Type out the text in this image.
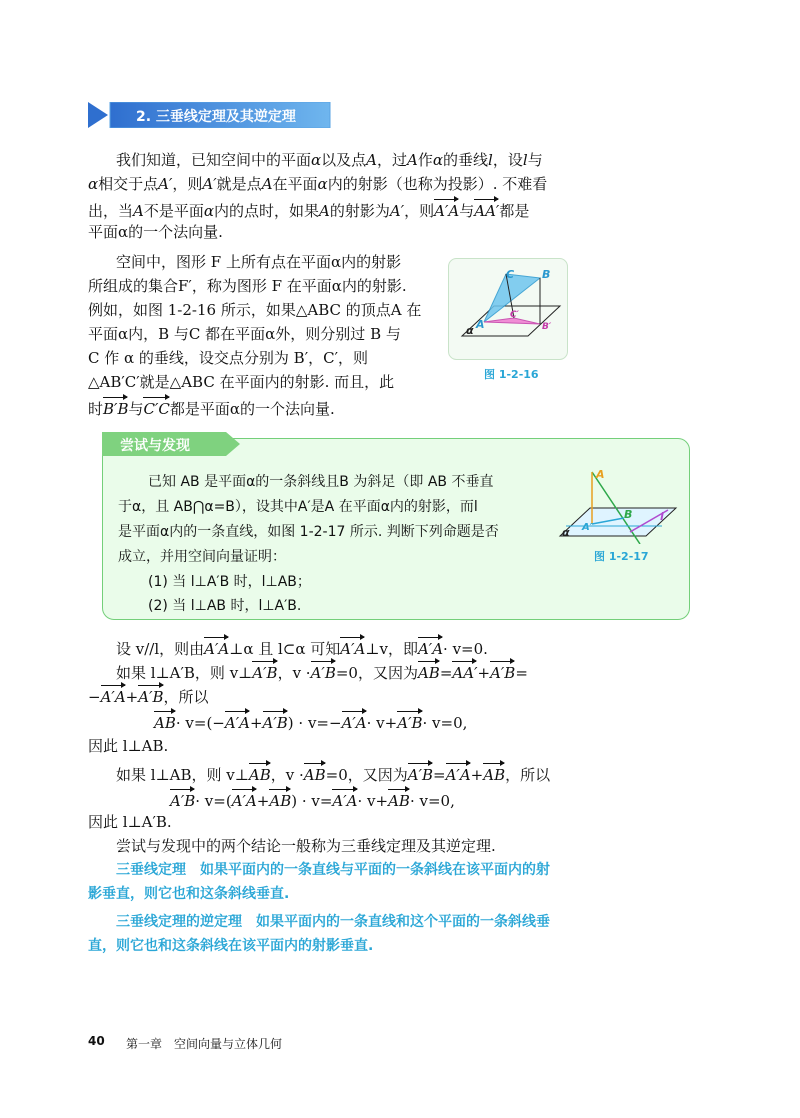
2. 三垂线定理及其逆定理
我们知道，已知空间中的平面α以及点A，过A作α的垂线l，设l与
α相交于点A′，则A′就是点A在平面α内的射影（也称为投影）. 不难看
出，当A不是平面α内的点时，如果A的射影为A′，则A′A与AA′都是
平面α的一个法向量.
空间中，图形 F 上所有点在平面α内的射影
所组成的集合F′，称为图形 F 在平面α内的射影.
例如，如图 1-2-16 所示，如果△ABC 的顶点A 在
平面α内，B 与C 都在平面α外，则分别过 B 与
C 作 α 的垂线，设交点分别为 B′，C′，则
△AB′C′就是△ABC 在平面内的射影. 而且，此
时B′B与C′C都是平面α的一个法向量.
C	B
A
C′
B′
α
图 1-2-16
尝试与发现
已知 AB 是平面α的一条斜线且B 为斜足（即 AB 不垂直
于α，且 AB⋂α=B），设其中A′是A 在平面α内的射影，而l
是平面α内的一条直线，如图 1-2-17 所示. 判断下列命题是否
成立，并用空间向量证明：
(1) 当 l⊥A′B 时，l⊥AB；
(2) 当 l⊥AB 时，l⊥A′B.
A
A′
B	l
α
图 1-2-17
设 v//l，则由A′A⊥α 且 l⊂α 可知A′A⊥v，即A′A· v=0.
如果 l⊥A′B，则 v⊥A′B，v ·A′B=0，又因为AB=AA′+A′B=
−A′A+A′B，所以
AB· v=(−A′A+A′B) · v=−A′A· v+A′B· v=0,
因此 l⊥AB.
如果 l⊥AB，则 v⊥AB，v ·AB=0，又因为A′B=A′A+AB，所以
A′B· v=(A′A+AB) · v=A′A· v+AB· v=0,
因此 l⊥A′B.
尝试与发现中的两个结论一般称为三垂线定理及其逆定理.
三垂线定理　如果平面内的一条直线与平面的一条斜线在该平面内的射
影垂直，则它也和这条斜线垂直.
三垂线定理的逆定理　如果平面内的一条直线和这个平面的一条斜线垂
直，则它也和这条斜线在该平面内的射影垂直.
40 第一章　空间向量与立体几何
